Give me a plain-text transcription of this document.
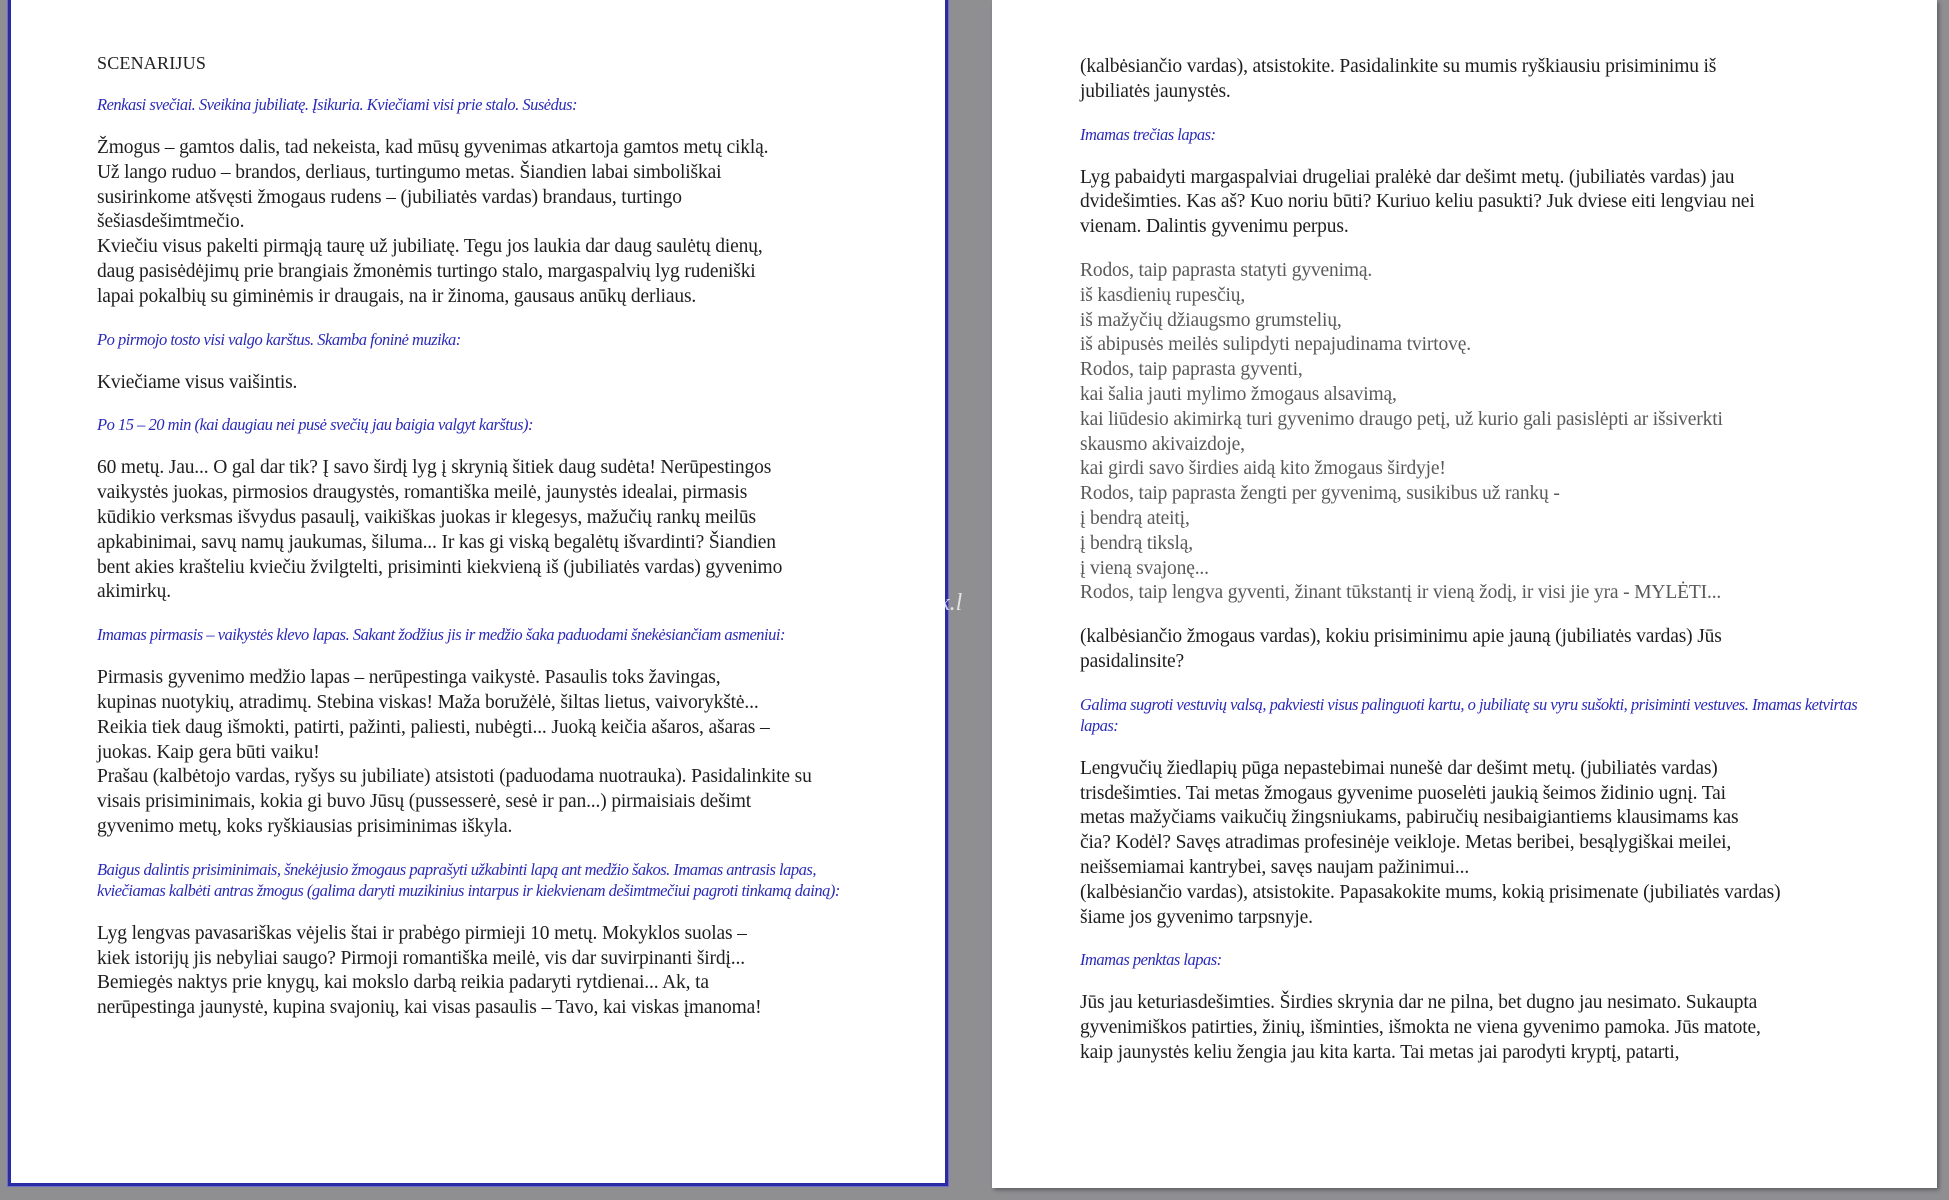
SCENARIJUS
Renkasi svečiai. Sveikina jubiliatę. Įsikuria. Kviečiami visi prie stalo. Susėdus:
Žmogus – gamtos dalis, tad nekeista, kad mūsų gyvenimas atkartoja gamtos metų ciklą.
Už lango ruduo – brandos, derliaus, turtingumo metas. Šiandien labai simboliškai
susirinkome atšvęsti žmogaus rudens – (jubiliatės vardas) brandaus, turtingo
šešiasdešimtmečio.
Kviečiu visus pakelti pirmąją taurę už jubiliatę. Tegu jos laukia dar daug saulėtų dienų,
daug pasisėdėjimų prie brangiais žmonėmis turtingo stalo, margaspalvių lyg rudeniški
lapai pokalbių su giminėmis ir draugais, na ir žinoma, gausaus anūkų derliaus.
Po pirmojo tosto visi valgo karštus. Skamba foninė muzika:
Kviečiame visus vaišintis.
Po 15 – 20 min (kai daugiau nei pusė svečių jau baigia valgyt karštus):
60 metų. Jau... O gal dar tik? Į savo širdį lyg į skrynią šitiek daug sudėta! Nerūpestingos
vaikystės juokas, pirmosios draugystės, romantiška meilė, jaunystės idealai, pirmasis
kūdikio verksmas išvydus pasaulį, vaikiškas juokas ir klegesys, mažučių rankų meilūs
apkabinimai, savų namų jaukumas, šiluma... Ir kas gi viską begalėtų išvardinti? Šiandien
bent akies krašteliu kviečiu žvilgtelti, prisiminti kiekvieną iš (jubiliatės vardas) gyvenimo
akimirkų.
Imamas pirmasis – vaikystės klevo lapas. Sakant žodžius jis ir medžio šaka paduodami šnekėsiančiam asmeniui:
Pirmasis gyvenimo medžio lapas – nerūpestinga vaikystė. Pasaulis toks žavingas,
kupinas nuotykių, atradimų. Stebina viskas! Maža boružėlė, šiltas lietus, vaivorykštė...
Reikia tiek daug išmokti, patirti, pažinti, paliesti, nubėgti... Juoką keičia ašaros, ašaras –
juokas. Kaip gera būti vaiku!
Prašau (kalbėtojo vardas, ryšys su jubiliate) atsistoti (paduodama nuotrauka). Pasidalinkite su
visais prisiminimais, kokia gi buvo Jūsų (pussesserė, sesė ir pan...) pirmaisiais dešimt
gyvenimo metų, koks ryškiausias prisiminimas iškyla.
Baigus dalintis prisiminimais, šnekėjusio žmogaus paprašyti užkabinti lapą ant medžio šakos. Imamas antrasis lapas, kviečiamas kalbėti antras žmogus (galima daryti muzikinius intarpus ir kiekvienam dešimtmečiui pagroti tinkamą dainą):
Lyg lengvas pavasariškas vėjelis štai ir prabėgo pirmieji 10 metų. Mokyklos suolas –
kiek istorijų jis nebyliai saugo? Pirmoji romantiška meilė, vis dar suvirpinanti širdį...
Bemiegės naktys prie knygų, kai mokslo darbą reikia padaryti rytdienai... Ak, ta
nerūpestinga jaunystė, kupina svajonių, kai visas pasaulis – Tavo, kai viskas įmanoma!
(kalbėsiančio vardas), atsistokite. Pasidalinkite su mumis ryškiausiu prisiminimu iš
jubiliatės jaunystės.
Imamas trečias lapas:
Lyg pabaidyti margaspalviai drugeliai pralėkė dar dešimt metų. (jubiliatės vardas) jau
dvidešimties. Kas aš? Kuo noriu būti? Kuriuo keliu pasukti? Juk dviese eiti lengviau nei
vienam. Dalintis gyvenimu perpus.
Rodos, taip paprasta statyti gyvenimą.
iš kasdienių rupesčių,
iš mažyčių džiaugsmo grumstelių,
iš abipusės meilės sulipdyti nepajudinama tvirtovę.
Rodos, taip paprasta gyventi,
kai šalia jauti mylimo žmogaus alsavimą,
kai liūdesio akimirką turi gyvenimo draugo petį, už kurio gali pasislėpti ar išsiverkti
skausmo akivaizdoje,
kai girdi savo širdies aidą kito žmogaus širdyje!
Rodos, taip paprasta žengti per gyvenimą, susikibus už rankų -
į bendrą ateitį,
į bendrą tikslą,
į vieną svajonę...
Rodos, taip lengva gyventi, žinant tūkstantį ir vieną žodį, ir visi jie yra - MYLĖTI...
(kalbėsiančio žmogaus vardas), kokiu prisiminimu apie jauną (jubiliatės vardas) Jūs
pasidalinsite?
Galima sugroti vestuvių valsą, pakviesti visus palinguoti kartu, o jubiliatę su vyru sušokti, prisiminti vestuves. Imamas ketvirtas lapas:
Lengvučių žiedlapių pūga nepastebimai nunešė dar dešimt metų. (jubiliatės vardas)
trisdešimties. Tai metas žmogaus gyvenime puoselėti jaukią šeimos židinio ugnį. Tai
metas mažyčiams vaikučių žingsniukams, pabiručių nesibaigiantiems klausimams kas
čia? Kodėl? Savęs atradimas profesinėje veikloje. Metas beribei, besąlygiškai meilei,
neišsemiamai kantrybei, savęs naujam pažinimui...
(kalbėsiančio vardas), atsistokite. Papasakokite mums, kokią prisimenate (jubiliatės vardas)
šiame jos gyvenimo tarpsnyje.
Imamas penktas lapas:
Jūs jau keturiasdešimties. Širdies skrynia dar ne pilna, bet dugno jau nesimato. Sukaupta
gyvenimiškos patirties, žinių, išminties, išmokta ne viena gyvenimo pamoka. Jūs matote,
kaip jaunystės keliu žengia jau kita karta. Tai metas jai parodyti kryptį, patarti,
uok.l
